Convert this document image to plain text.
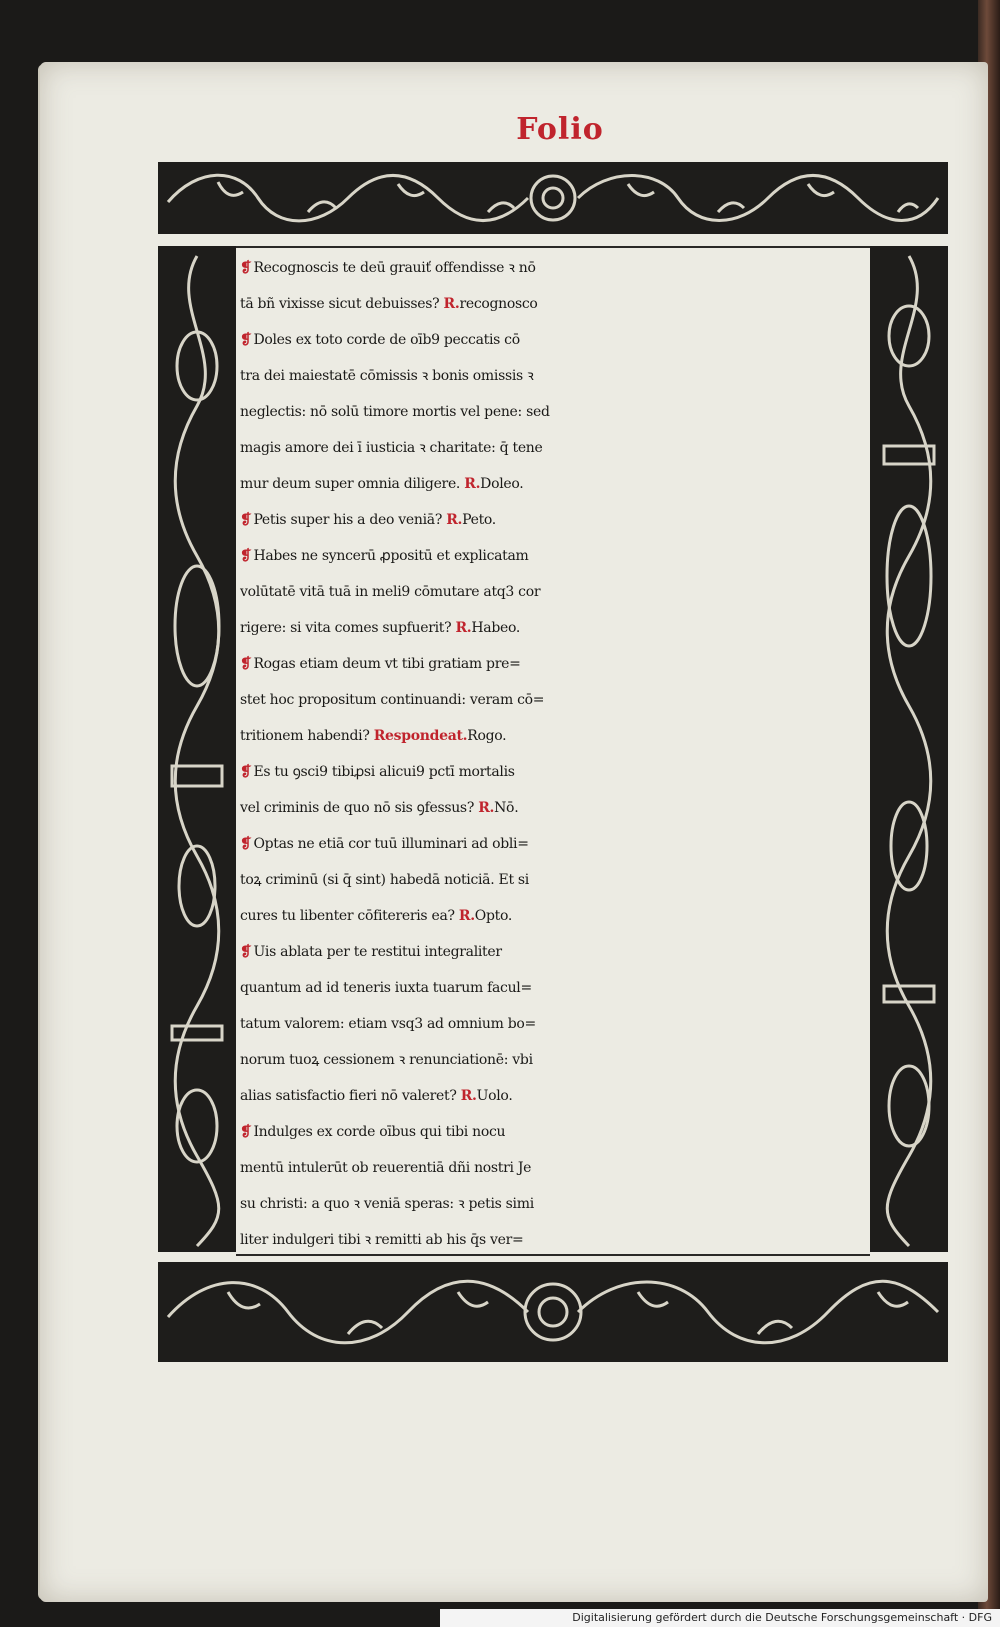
Folio
❡ Recognoscis te deū grauiť offendisse ꝛ nō
tā bñ vixisse sicut debuisses? R.recognosco
❡ Doles ex toto corde de oīb9 peccatis cō
tra dei maiestatē cōmissis ꝛ bonis omissis ꝛ
neglectis: nō solū timore mortis vel pene: sed
magis amore dei ī iusticia ꝛ charitate: q̄ tene
mur deum super omnia diligere. R.Doleo.
❡ Petis super his a deo veniā? R.Peto.
❡ Habes ne syncerū ꝓpositū et explicatam
volūtatē vitā tuā in meli9 cōmutare atq3 cor
rigere: si vita comes supfuerit? R.Habeo.
❡ Rogas etiam deum vt tibi gratiam pre=
stet hoc propositum continuandi: veram cō=
tritionem habendi? Respondeat.Rogo.
❡ Es tu ꝯsci9 tibiꝓsi alicui9 pctī mortalis
vel criminis de quo nō sis ꝯfessus? R.Nō.
❡ Optas ne etiā cor tuū illuminari ad obli=
toꝝ criminū (si q̄ sint) habedā noticiā. Et si
cures tu libenter cōfitereris ea? R.Opto.
❡ Uis ablata per te restitui integraliter
quantum ad id teneris iuxta tuarum facul=
tatum valorem: etiam vsq3 ad omnium bo=
norum tuoꝝ cessionem ꝛ renunciationē: vbi
alias satisfactio fieri nō valeret? R.Uolo.
❡ Indulges ex corde oībus qui tibi nocu
mentū intulerūt ob reuerentiā dñi nostri Je
su christi: a quo ꝛ veniā speras: ꝛ petis simi
liter indulgeri tibi ꝛ remitti ab his q̄s ver=
Digitalisierung gefördert durch die Deutsche Forschungsgemeinschaft · DFG
